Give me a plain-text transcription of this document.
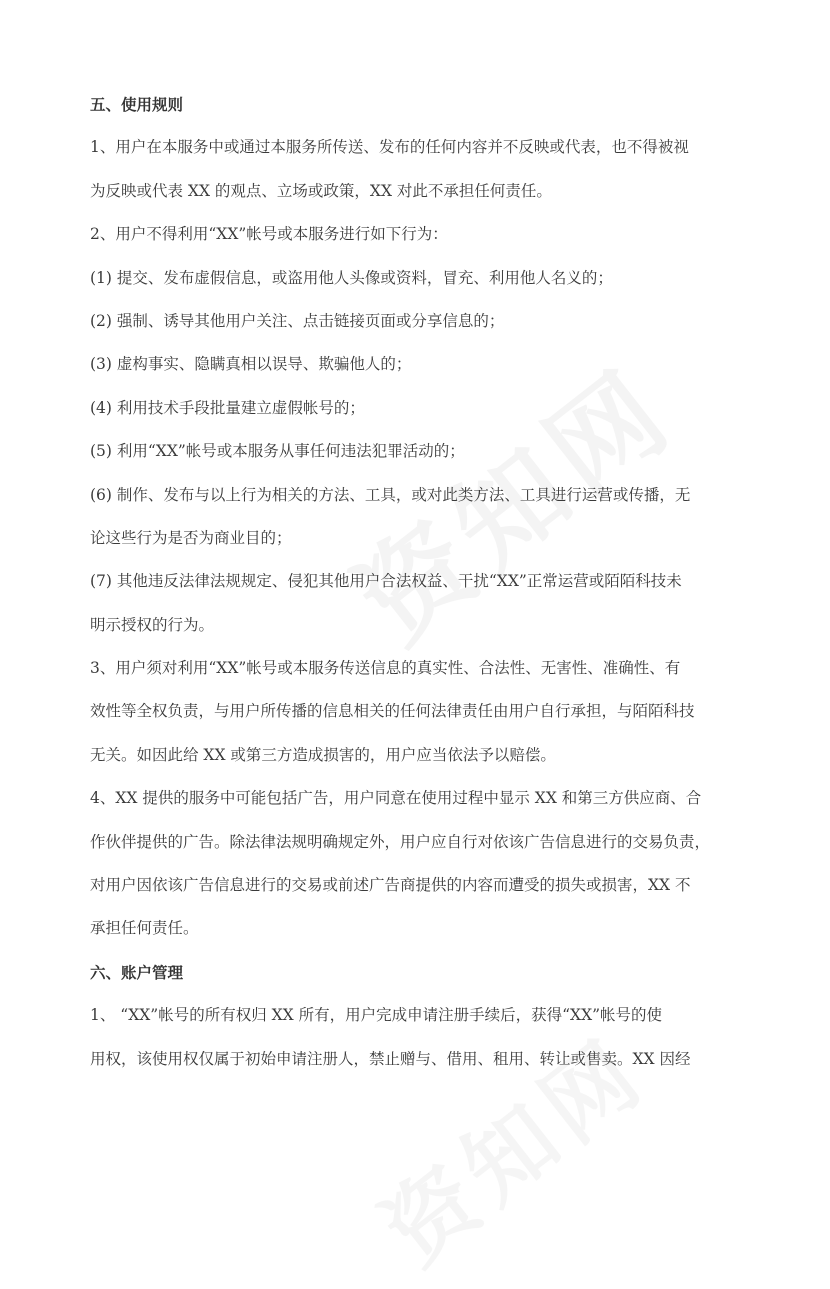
五、使用规则
1、用户在本服务中或通过本服务所传送、发布的任何内容并不反映或代表，也不得被视
为反映或代表 XX 的观点、立场或政策，XX 对此不承担任何责任。
2、用户不得利用“XX”帐号或本服务进行如下行为：
(1) 提交、发布虚假信息，或盗用他人头像或资料，冒充、利用他人名义的；
(2) 强制、诱导其他用户关注、点击链接页面或分享信息的；
(3) 虚构事实、隐瞒真相以误导、欺骗他人的；
(4) 利用技术手段批量建立虚假帐号的；
(5) 利用“XX”帐号或本服务从事任何违法犯罪活动的；
(6) 制作、发布与以上行为相关的方法、工具，或对此类方法、工具进行运营或传播，无
论这些行为是否为商业目的；
(7) 其他违反法律法规规定、侵犯其他用户合法权益、干扰“XX”正常运营或陌陌科技未
明示授权的行为。
3、用户须对利用“XX”帐号或本服务传送信息的真实性、合法性、无害性、准确性、有
效性等全权负责，与用户所传播的信息相关的任何法律责任由用户自行承担，与陌陌科技
无关。如因此给 XX 或第三方造成损害的，用户应当依法予以赔偿。
4、XX 提供的服务中可能包括广告，用户同意在使用过程中显示 XX 和第三方供应商、合
作伙伴提供的广告。除法律法规明确规定外，用户应自行对依该广告信息进行的交易负责，
对用户因依该广告信息进行的交易或前述广告商提供的内容而遭受的损失或损害，XX 不
承担任何责任。
六、账户管理
1、 “XX”帐号的所有权归 XX 所有，用户完成申请注册手续后，获得“XX”帐号的使
用权，该使用权仅属于初始申请注册人，禁止赠与、借用、租用、转让或售卖。XX 因经
